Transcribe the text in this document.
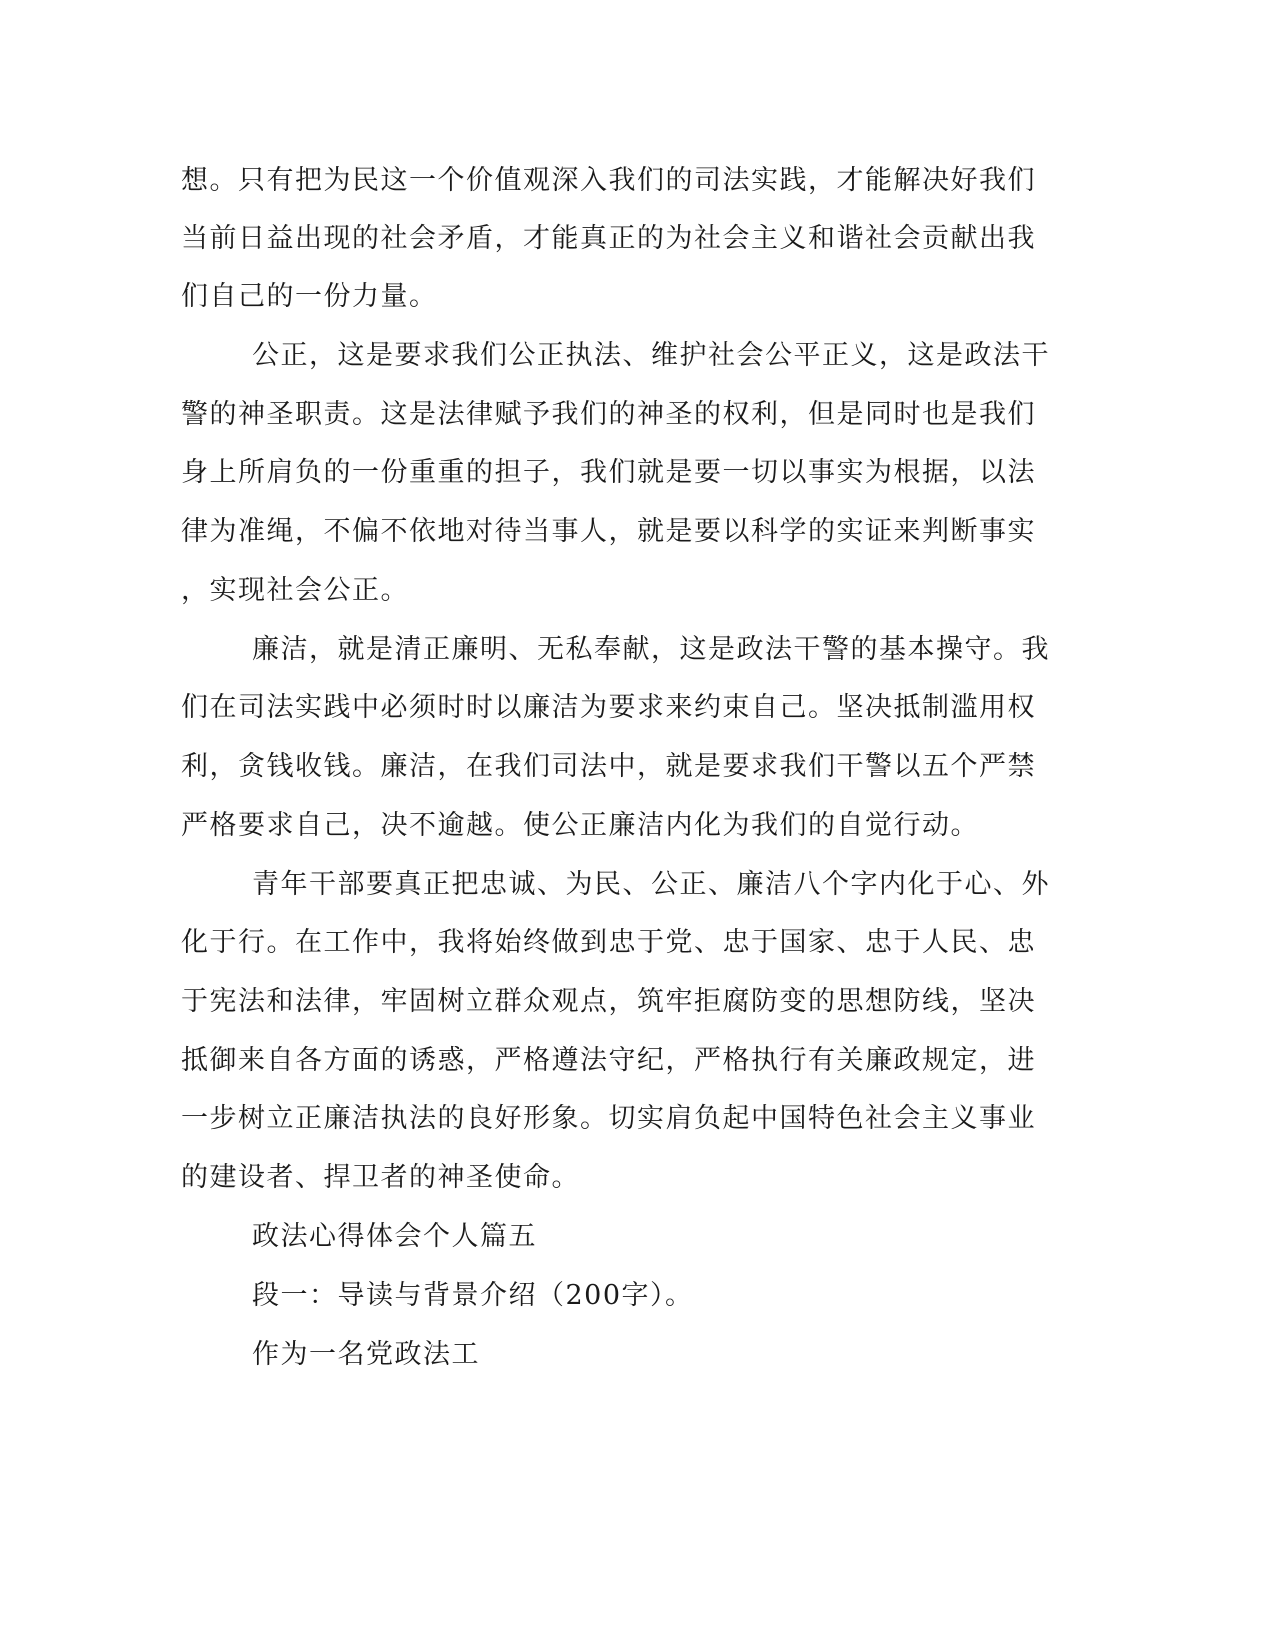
想。只有把为民这一个价值观深入我们的司法实践，才能解决好我们
当前日益出现的社会矛盾，才能真正的为社会主义和谐社会贡献出我
们自己的一份力量。
公正，这是要求我们公正执法、维护社会公平正义，这是政法干
警的神圣职责。这是法律赋予我们的神圣的权利，但是同时也是我们
身上所肩负的一份重重的担子，我们就是要一切以事实为根据，以法
律为准绳，不偏不依地对待当事人，就是要以科学的实证来判断事实
，实现社会公正。
廉洁，就是清正廉明、无私奉献，这是政法干警的基本操守。我
们在司法实践中必须时时以廉洁为要求来约束自己。坚决抵制滥用权
利，贪钱收钱。廉洁，在我们司法中，就是要求我们干警以五个严禁
严格要求自己，决不逾越。使公正廉洁内化为我们的自觉行动。
青年干部要真正把忠诚、为民、公正、廉洁八个字内化于心、外
化于行。在工作中，我将始终做到忠于党、忠于国家、忠于人民、忠
于宪法和法律，牢固树立群众观点，筑牢拒腐防变的思想防线，坚决
抵御来自各方面的诱惑，严格遵法守纪，严格执行有关廉政规定，进
一步树立正廉洁执法的良好形象。切实肩负起中国特色社会主义事业
的建设者、捍卫者的神圣使命。
政法心得体会个人篇五
段一：导读与背景介绍（200字）。
作为一名党政法工
